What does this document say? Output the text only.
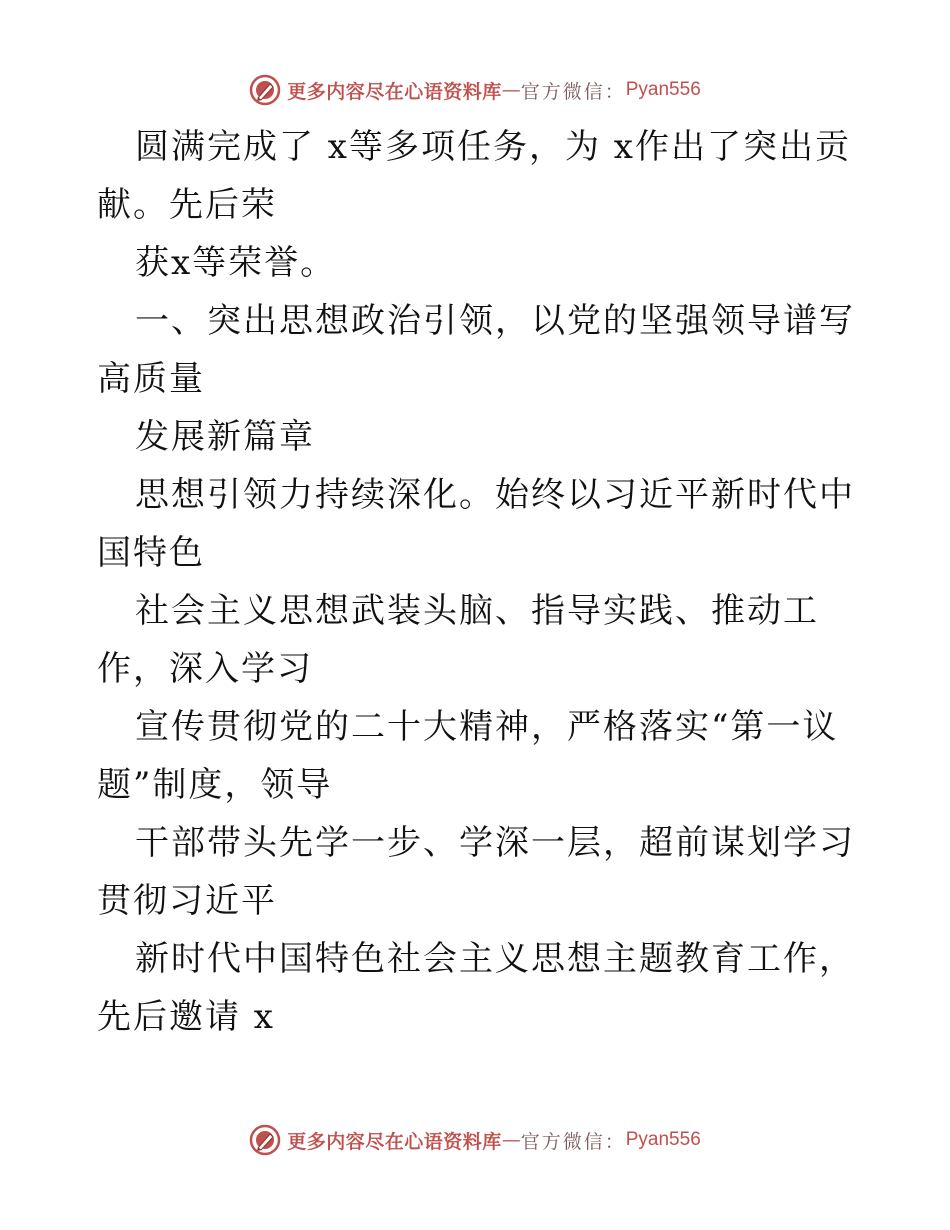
更多内容尽在心语资料库 — 官方微信： Pyan556

圆满完成了 x等多项任务，为 x作出了突出贡献。先后荣

获x等荣誉。

一、突出思想政治引领，以党的坚强领导谱写高质量

发展新篇章

思想引领力持续深化。始终以习近平新时代中国特色

社会主义思想武装头脑、指导实践、推动工作，深入学习

宣传贯彻党的二十大精神，严格落实“第一议题”制度，领导

干部带头先学一步、学深一层，超前谋划学习贯彻习近平

新时代中国特色社会主义思想主题教育工作，先后邀请 x

更多内容尽在心语资料库 — 官方微信： Pyan556
